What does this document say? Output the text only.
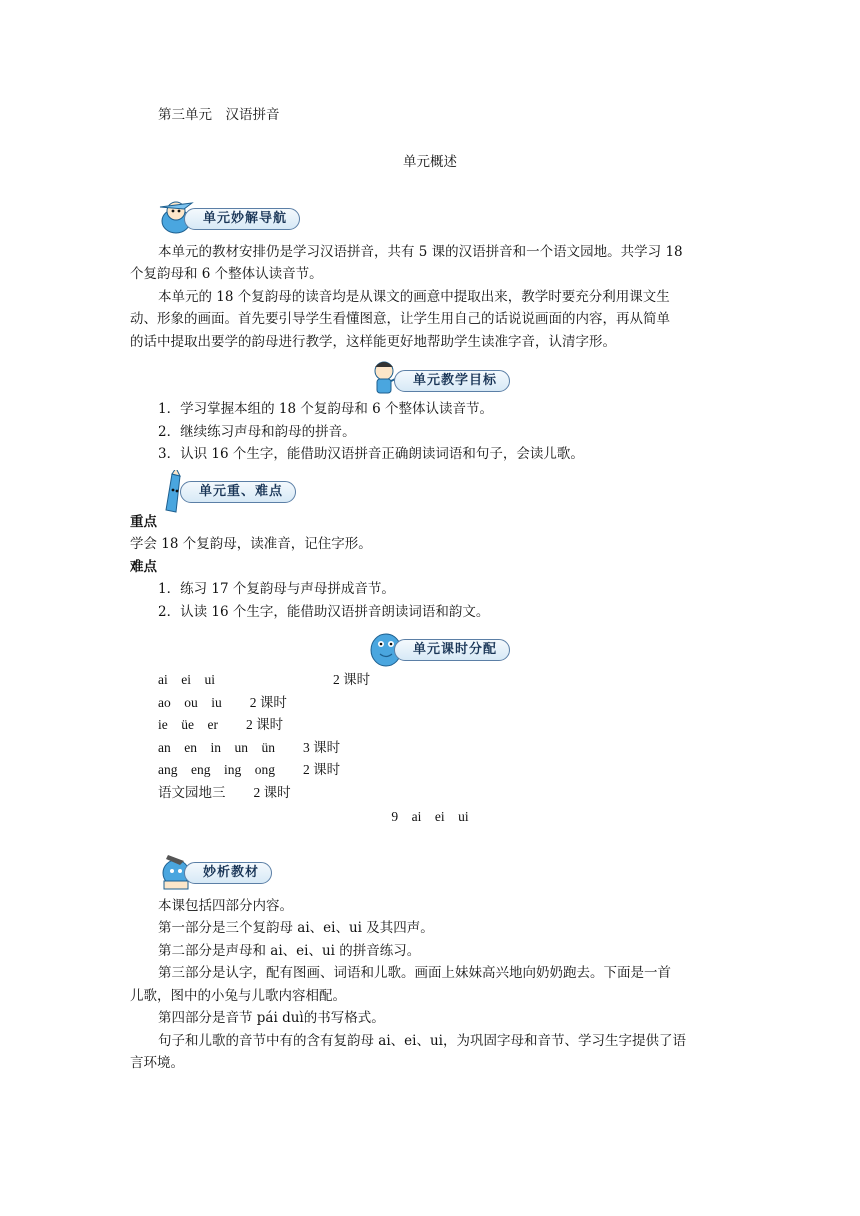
第三单元　汉语拼音
单元概述
单元妙解导航
本单元的教材安排仍是学习汉语拼音，共有 5 课的汉语拼音和一个语文园地。共学习 18
个复韵母和 6 个整体认读音节。
本单元的 18 个复韵母的读音均是从课文的画意中提取出来，教学时要充分利用课文生
动、形象的画面。首先要引导学生看懂图意，让学生用自己的话说说画面的内容，再从简单
的话中提取出要学的韵母进行教学，这样能更好地帮助学生读准字音，认清字形。
单元教学目标
1．学习掌握本组的 18 个复韵母和 6 个整体认读音节。
2．继续练习声母和韵母的拼音。
3．认识 16 个生字，能借助汉语拼音正确朗读词语和句子，会读儿歌。
单元重、难点
重点
学会 18 个复韵母，读准音，记住字形。
难点
1．练习 17 个复韵母与声母拼成音节。
2．认读 16 个生字，能借助汉语拼音朗读词语和韵文。
单元课时分配
ai　ei　ui	2 课时
ao　ou　iu 2 课时
ie　üe　er 2 课时
an　en　in　un　ün 3 课时
ang　eng　ing　ong 2 课时
语文园地三 2 课时
9　ai　ei　ui
妙析教材
本课包括四部分内容。
第一部分是三个复韵母 ai、ei、ui 及其四声。
第二部分是声母和 ai、ei、ui 的拼音练习。
第三部分是认字，配有图画、词语和儿歌。画面上妹妹高兴地向奶奶跑去。下面是一首
儿歌，图中的小兔与儿歌内容相配。
第四部分是音节 pái duì的书写格式。
句子和儿歌的音节中有的含有复韵母 ai、ei、ui，为巩固字母和音节、学习生字提供了语
言环境。
